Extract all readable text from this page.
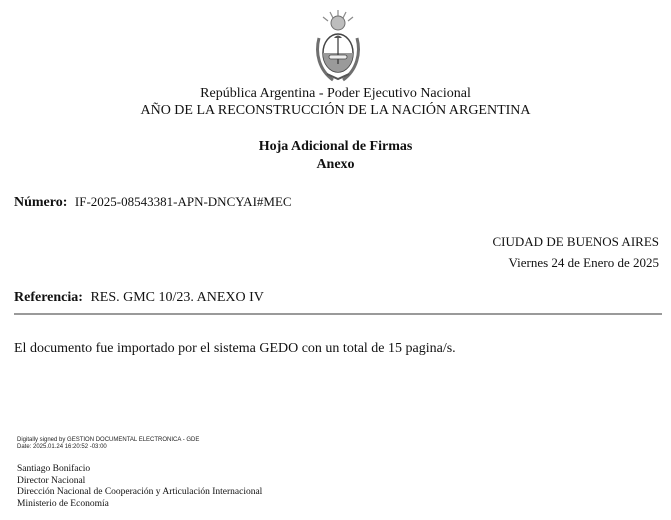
República Argentina - Poder Ejecutivo Nacional
AÑO DE LA RECONSTRUCCIÓN DE LA NACIÓN ARGENTINA
Hoja Adicional de Firmas
Anexo
Número: IF-2025-08543381-APN-DNCYAI#MEC
CIUDAD DE BUENOS AIRES
Viernes 24 de Enero de 2025
Referencia: RES. GMC 10/23. ANEXO IV
El documento fue importado por el sistema GEDO con un total de 15 pagina/s.
Digitally signed by GESTION DOCUMENTAL ELECTRONICA - GDE
Date: 2025.01.24 16:20:52 -03:00
Santiago Bonifacio
Director Nacional
Dirección Nacional de Cooperación y Articulación Internacional
Ministerio de Economía
